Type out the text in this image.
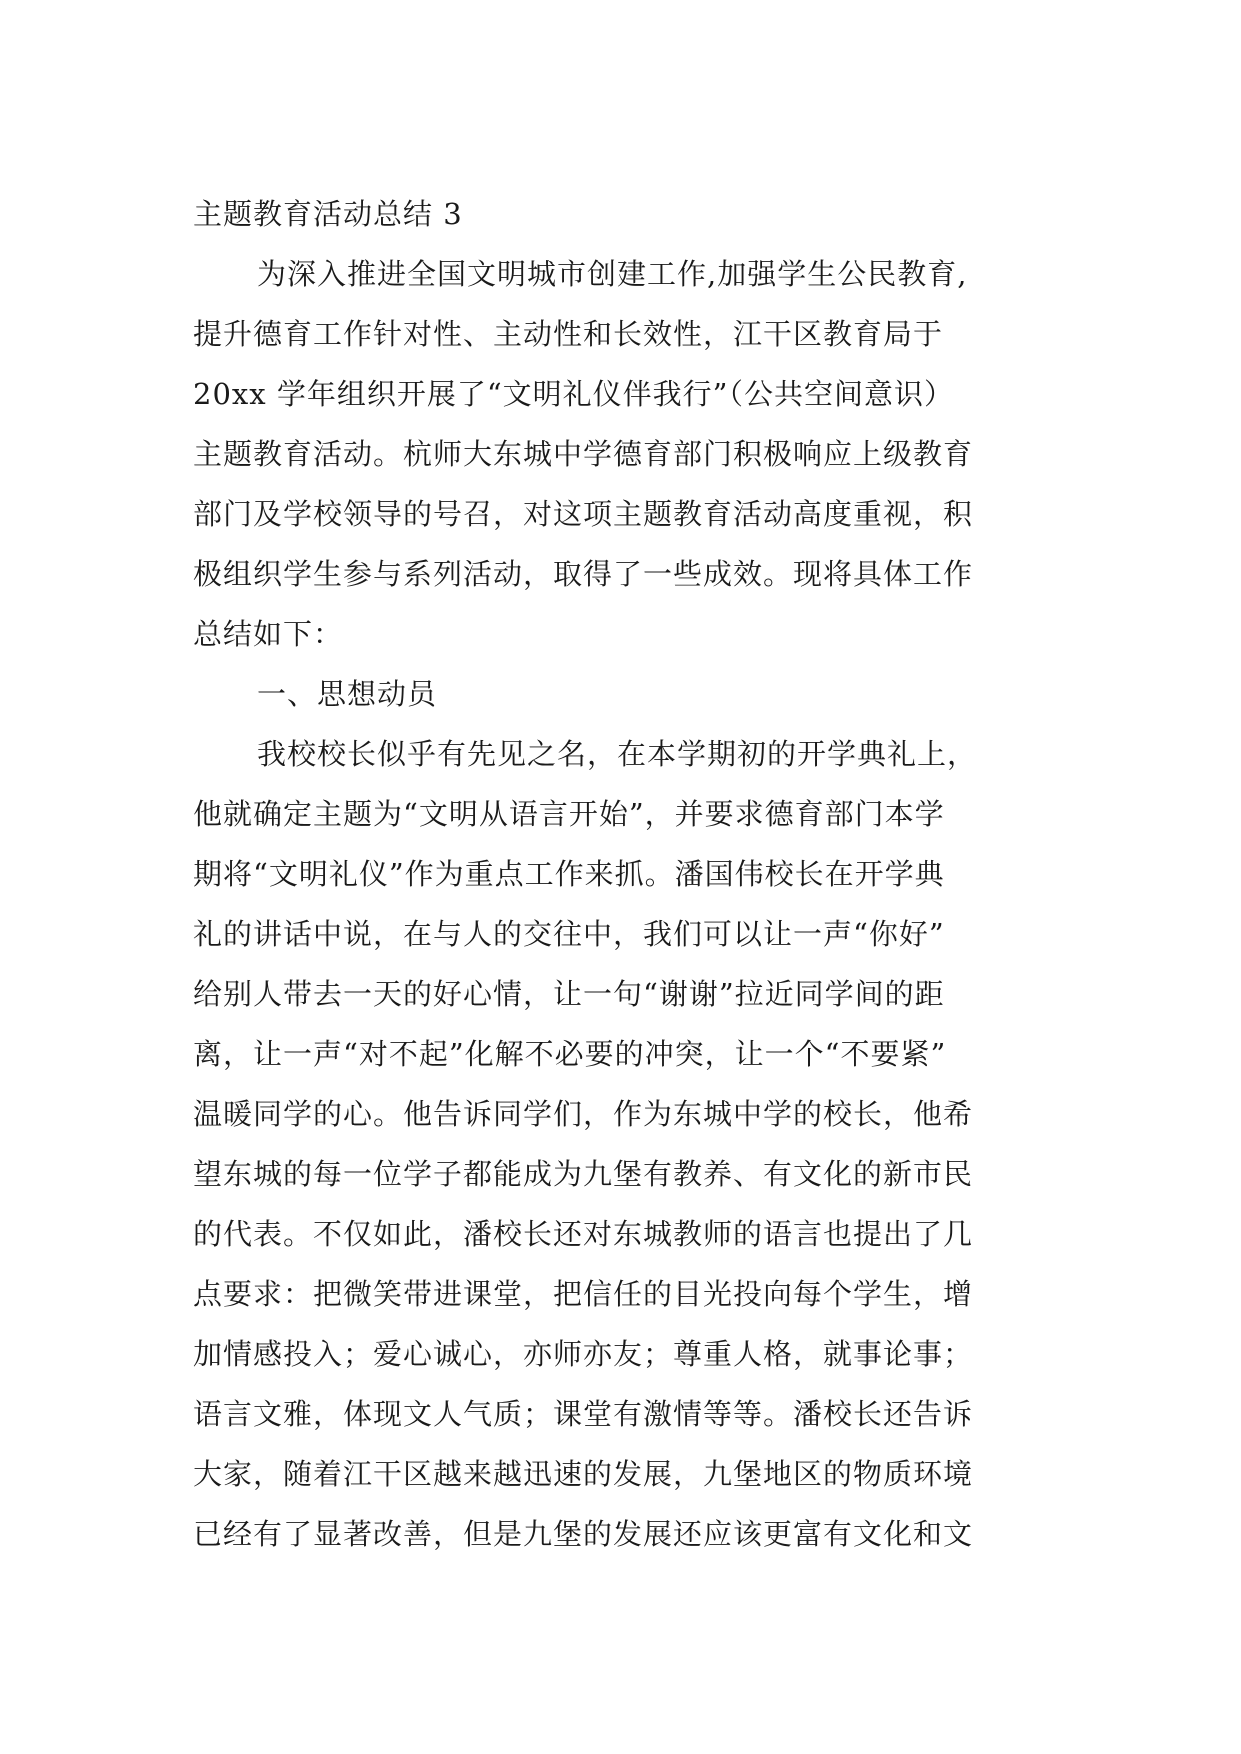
主题教育活动总结 3
为深入推进全国文明城市创建工作,加强学生公民教育,
提升德育工作针对性、主动性和长效性，江干区教育局于
20xx 学年组织开展了“文明礼仪伴我行”（公共空间意识）
主题教育活动。杭师大东城中学德育部门积极响应上级教育
部门及学校领导的号召，对这项主题教育活动高度重视，积
极组织学生参与系列活动，取得了一些成效。现将具体工作
总结如下：
一、思想动员
我校校长似乎有先见之名，在本学期初的开学典礼上，
他就确定主题为“文明从语言开始”，并要求德育部门本学
期将“文明礼仪”作为重点工作来抓。潘国伟校长在开学典
礼的讲话中说，在与人的交往中，我们可以让一声“你好”
给别人带去一天的好心情，让一句“谢谢”拉近同学间的距
离，让一声“对不起”化解不必要的冲突，让一个“不要紧”
温暖同学的心。他告诉同学们，作为东城中学的校长，他希
望东城的每一位学子都能成为九堡有教养、有文化的新市民
的代表。不仅如此，潘校长还对东城教师的语言也提出了几
点要求：把微笑带进课堂，把信任的目光投向每个学生，增
加情感投入；爱心诚心，亦师亦友；尊重人格，就事论事；
语言文雅，体现文人气质；课堂有激情等等。潘校长还告诉
大家，随着江干区越来越迅速的发展，九堡地区的物质环境
已经有了显著改善，但是九堡的发展还应该更富有文化和文
